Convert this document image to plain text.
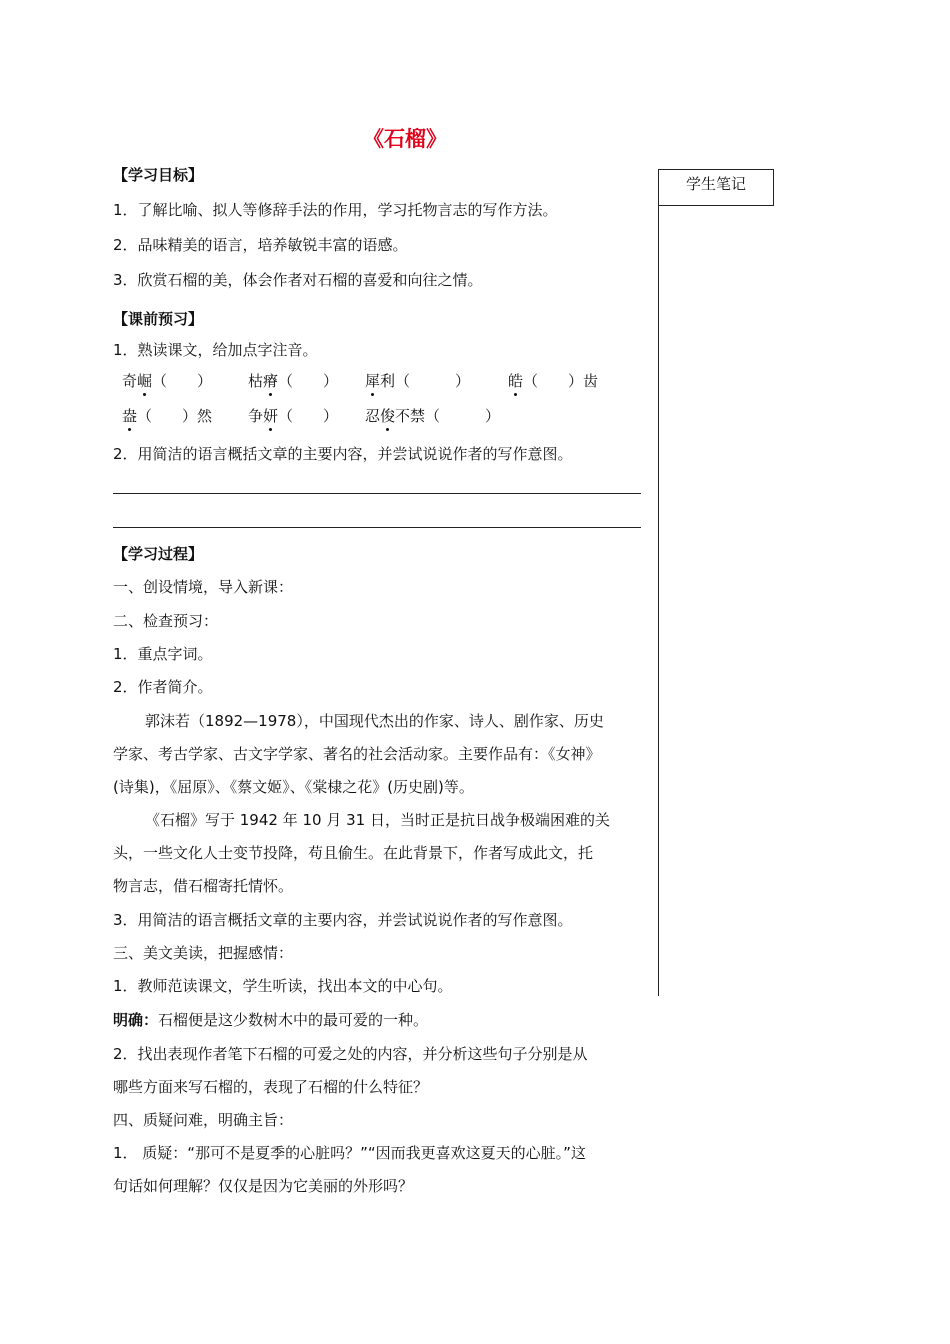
《石榴》
学生笔记
【学习目标】
1．了解比喻、拟人等修辞手法的作用，学习托物言志的写作方法。
2．品味精美的语言，培养敏锐丰富的语感。
3．欣赏石榴的美，体会作者对石榴的喜爱和向往之情。
【课前预习】
1．熟读课文，给加点字注音。
奇崛（　　） 枯瘠（　　） 犀利（　　　）	皓（　　）齿
盎（　　）然 争妍（　　） 忍俊不禁（　　　）
2．用简洁的语言概括文章的主要内容，并尝试说说作者的写作意图。
【学习过程】
一、创设情境，导入新课：
二、检查预习：
1．重点字词。
2．作者简介。
郭沫若（1892—1978），中国现代杰出的作家、诗人、剧作家、历史
学家、考古学家、古文字学家、著名的社会活动家。主要作品有：《女神》
(诗集)，《屈原》、《蔡文姬》、《棠棣之花》(历史剧)等。
《石榴》写于 1942 年 10 月 31 日，当时正是抗日战争极端困难的关
头，一些文化人士变节投降，苟且偷生。在此背景下，作者写成此文，托
物言志，借石榴寄托情怀。
3．用简洁的语言概括文章的主要内容，并尝试说说作者的写作意图。
三、美文美读，把握感情：
1．教师范读课文，学生听读，找出本文的中心句。
明确：石榴便是这少数树木中的最可爱的一种。
2．找出表现作者笔下石榴的可爱之处的内容，并分析这些句子分别是从
哪些方面来写石榴的，表现了石榴的什么特征？
四、质疑问难，明确主旨：
1． 质疑：“那可不是夏季的心脏吗？”“因而我更喜欢这夏天的心脏。”这
句话如何理解？仅仅是因为它美丽的外形吗？
